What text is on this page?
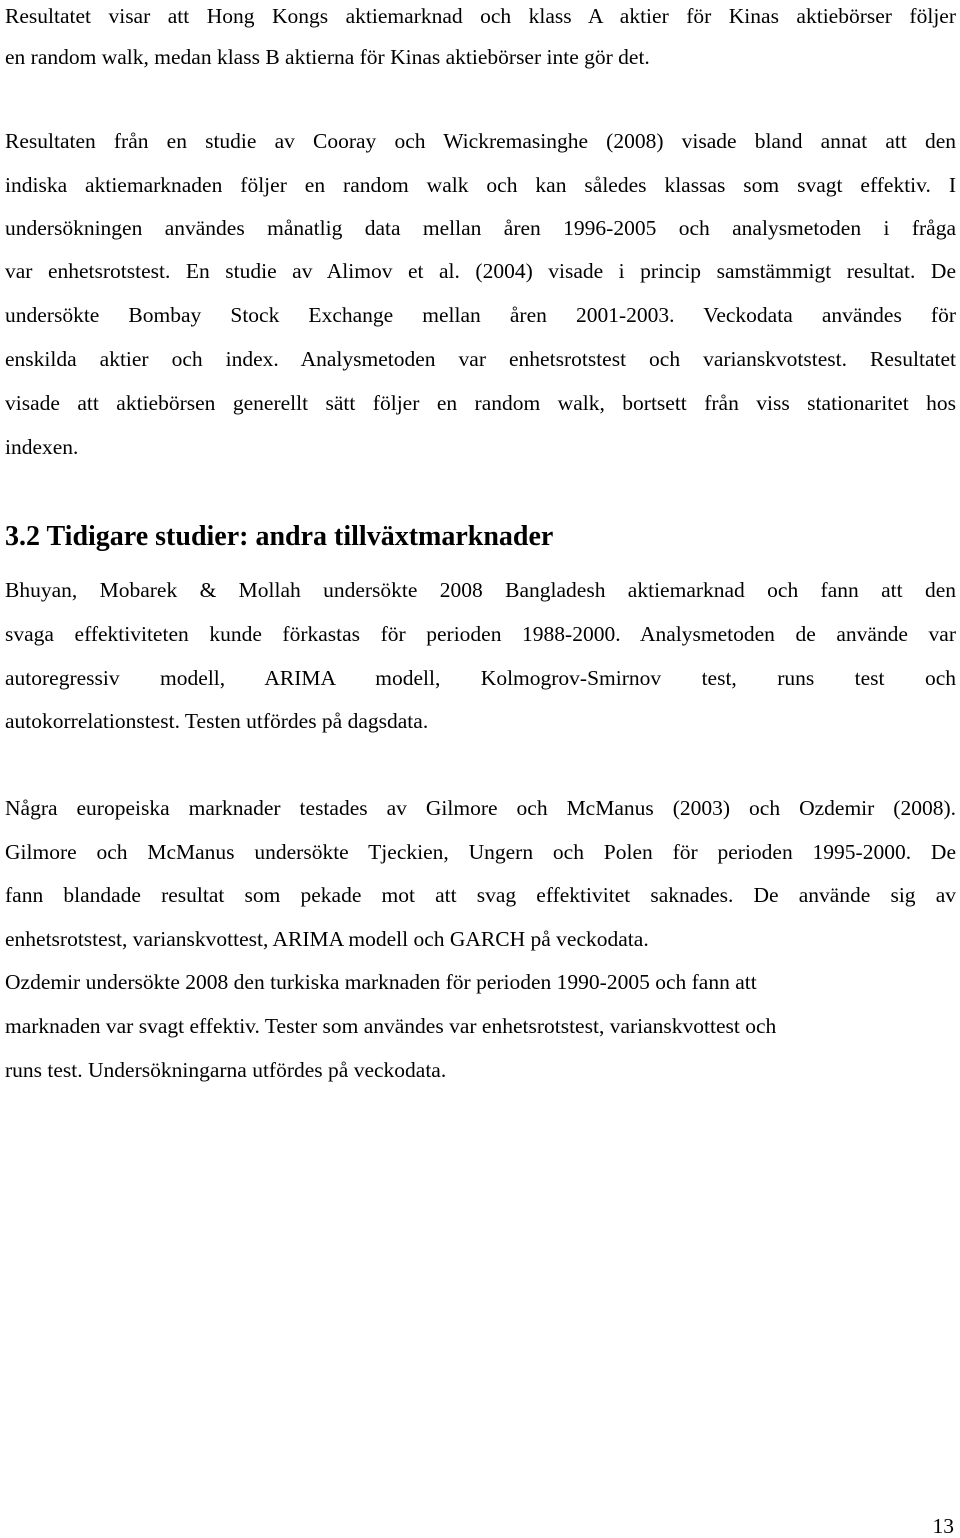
Resultatet visar att Hong Kongs aktiemarknad och klass A aktier för Kinas aktiebörser följer
en random walk, medan klass B aktierna för Kinas aktiebörser inte gör det.
Resultaten från en studie av Cooray och Wickremasinghe (2008) visade bland annat att den
indiska aktiemarknaden följer en random walk och kan således klassas som svagt effektiv. I
undersökningen användes månatlig data mellan åren 1996-2005 och analysmetoden i fråga
var enhetsrotstest. En studie av Alimov et al. (2004) visade i princip samstämmigt resultat. De
undersökte Bombay Stock Exchange mellan åren 2001-2003. Veckodata användes för
enskilda aktier och index. Analysmetoden var enhetsrotstest och varianskvotstest. Resultatet
visade att aktiebörsen generellt sätt följer en random walk, bortsett från viss stationaritet hos
indexen.
3.2 Tidigare studier: andra tillväxtmarknader
Bhuyan, Mobarek & Mollah undersökte 2008 Bangladesh aktiemarknad och fann att den
svaga effektiviteten kunde förkastas för perioden 1988-2000. Analysmetoden de använde var
autoregressiv modell, ARIMA modell, Kolmogrov-Smirnov test, runs test och
autokorrelationstest. Testen utfördes på dagsdata.
Några europeiska marknader testades av Gilmore och McManus (2003) och Ozdemir (2008).
Gilmore och McManus undersökte Tjeckien, Ungern och Polen för perioden 1995-2000. De
fann blandade resultat som pekade mot att svag effektivitet saknades. De använde sig av
enhetsrotstest, varianskvottest, ARIMA modell och GARCH på veckodata.
Ozdemir undersökte 2008 den turkiska marknaden för perioden 1990-2005 och fann att
marknaden var svagt effektiv. Tester som användes var enhetsrotstest, varianskvottest och
runs test. Undersökningarna utfördes på veckodata.
13
